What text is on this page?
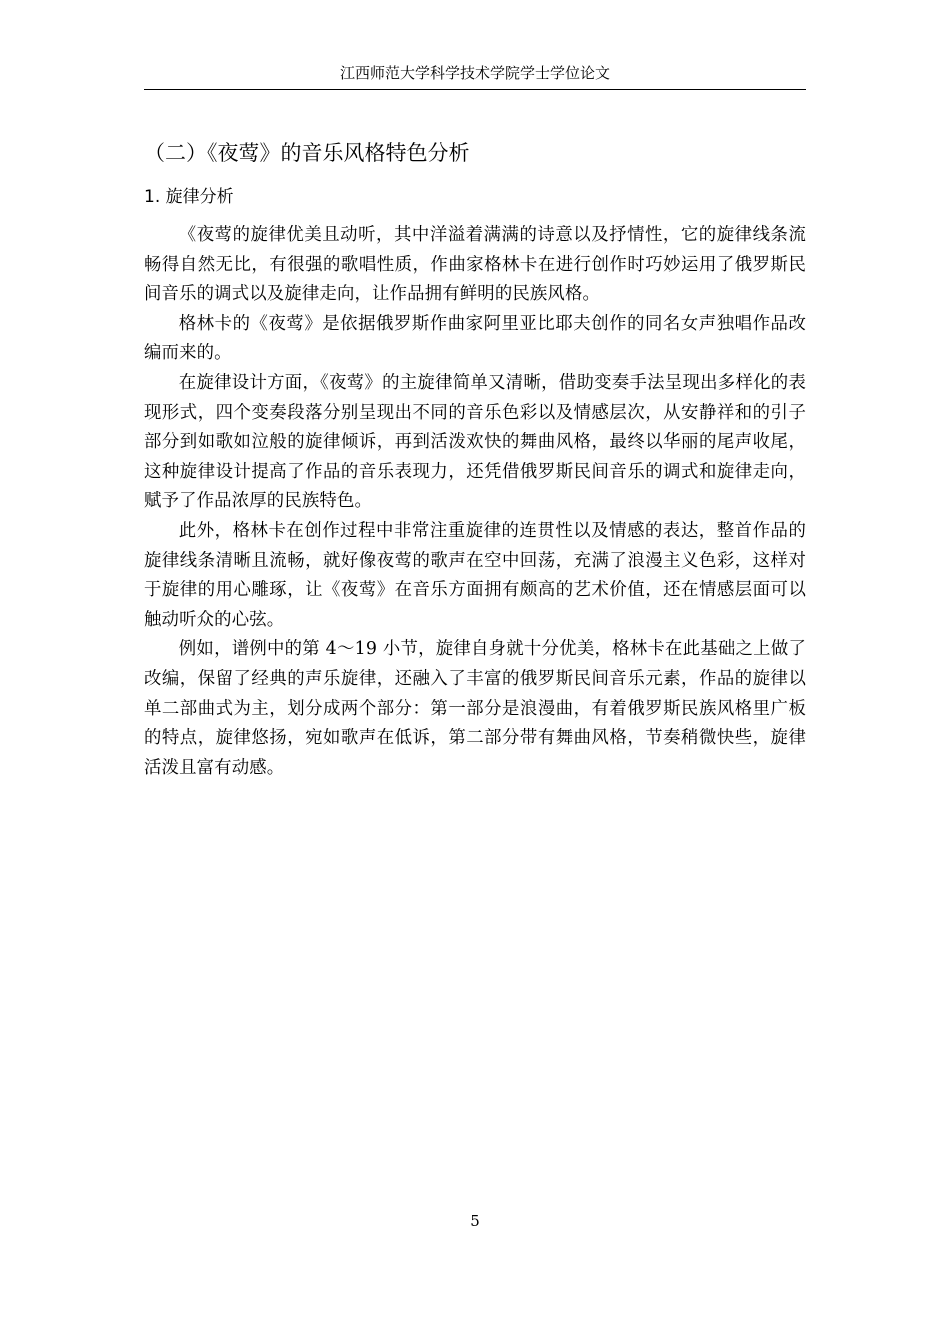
江西师范大学科学技术学院学士学位论文
（二）《夜莺》的音乐风格特色分析
1. 旋律分析

《夜莺的旋律优美且动听，其中洋溢着满满的诗意以及抒情性，它的旋律线条流畅得自然无比，有很强的歌唱性质，作曲家格林卡在进行创作时巧妙运用了俄罗斯民间音乐的调式以及旋律走向，让作品拥有鲜明的民族风格。

格林卡的《夜莺》是依据俄罗斯作曲家阿里亚比耶夫创作的同名女声独唱作品改编而来的。

在旋律设计方面，《夜莺》的主旋律简单又清晰，借助变奏手法呈现出多样化的表现形式，四个变奏段落分别呈现出不同的音乐色彩以及情感层次，从安静祥和的引子部分到如歌如泣般的旋律倾诉，再到活泼欢快的舞曲风格，最终以华丽的尾声收尾，这种旋律设计提高了作品的音乐表现力，还凭借俄罗斯民间音乐的调式和旋律走向，赋予了作品浓厚的民族特色。

此外，格林卡在创作过程中非常注重旋律的连贯性以及情感的表达，整首作品的旋律线条清晰且流畅，就好像夜莺的歌声在空中回荡，充满了浪漫主义色彩，这样对于旋律的用心雕琢，让《夜莺》在音乐方面拥有颇高的艺术价值，还在情感层面可以触动听众的心弦。

例如，谱例中的第 4～19 小节，旋律自身就十分优美，格林卡在此基础之上做了改编，保留了经典的声乐旋律，还融入了丰富的俄罗斯民间音乐元素，作品的旋律以单二部曲式为主，划分成两个部分：第一部分是浪漫曲，有着俄罗斯民族风格里广板的特点，旋律悠扬，宛如歌声在低诉，第二部分带有舞曲风格，节奏稍微快些，旋律活泼且富有动感。

5
